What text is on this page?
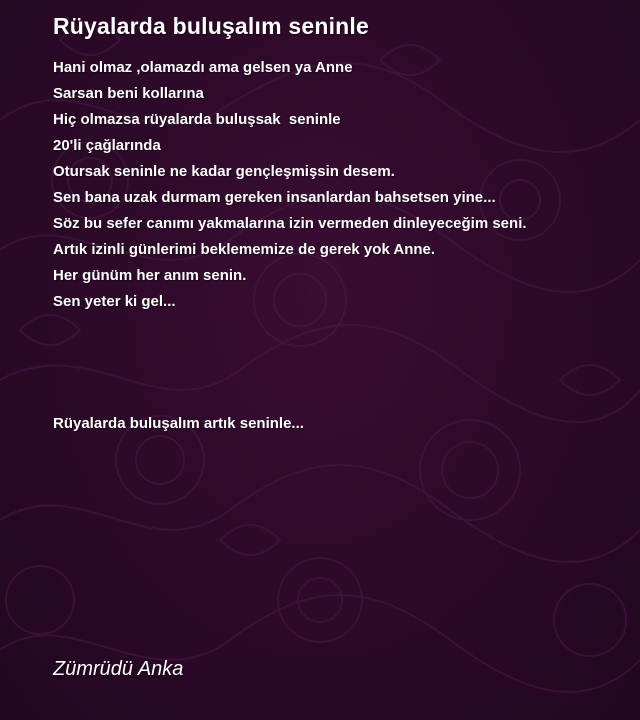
Rüyalarda buluşalım seninle
Hani olmaz ,olamazdı ama gelsen ya Anne
Sarsan beni kollarına
Hiç olmazsa rüyalarda buluşsak  seninle
20'li çağlarında
Otursak seninle ne kadar gençleşmişsin desem.
Sen bana uzak durmam gereken insanlardan bahsetsen yine...
Söz bu sefer canımı yakmalarına izin vermeden dinleyeceğim seni.
Artık izinli günlerimi beklememize de gerek yok Anne.
Her günüm her anım senin.
Sen yeter ki gel...

Rüyalarda buluşalım artık seninle...

Zümrüdü Anka
